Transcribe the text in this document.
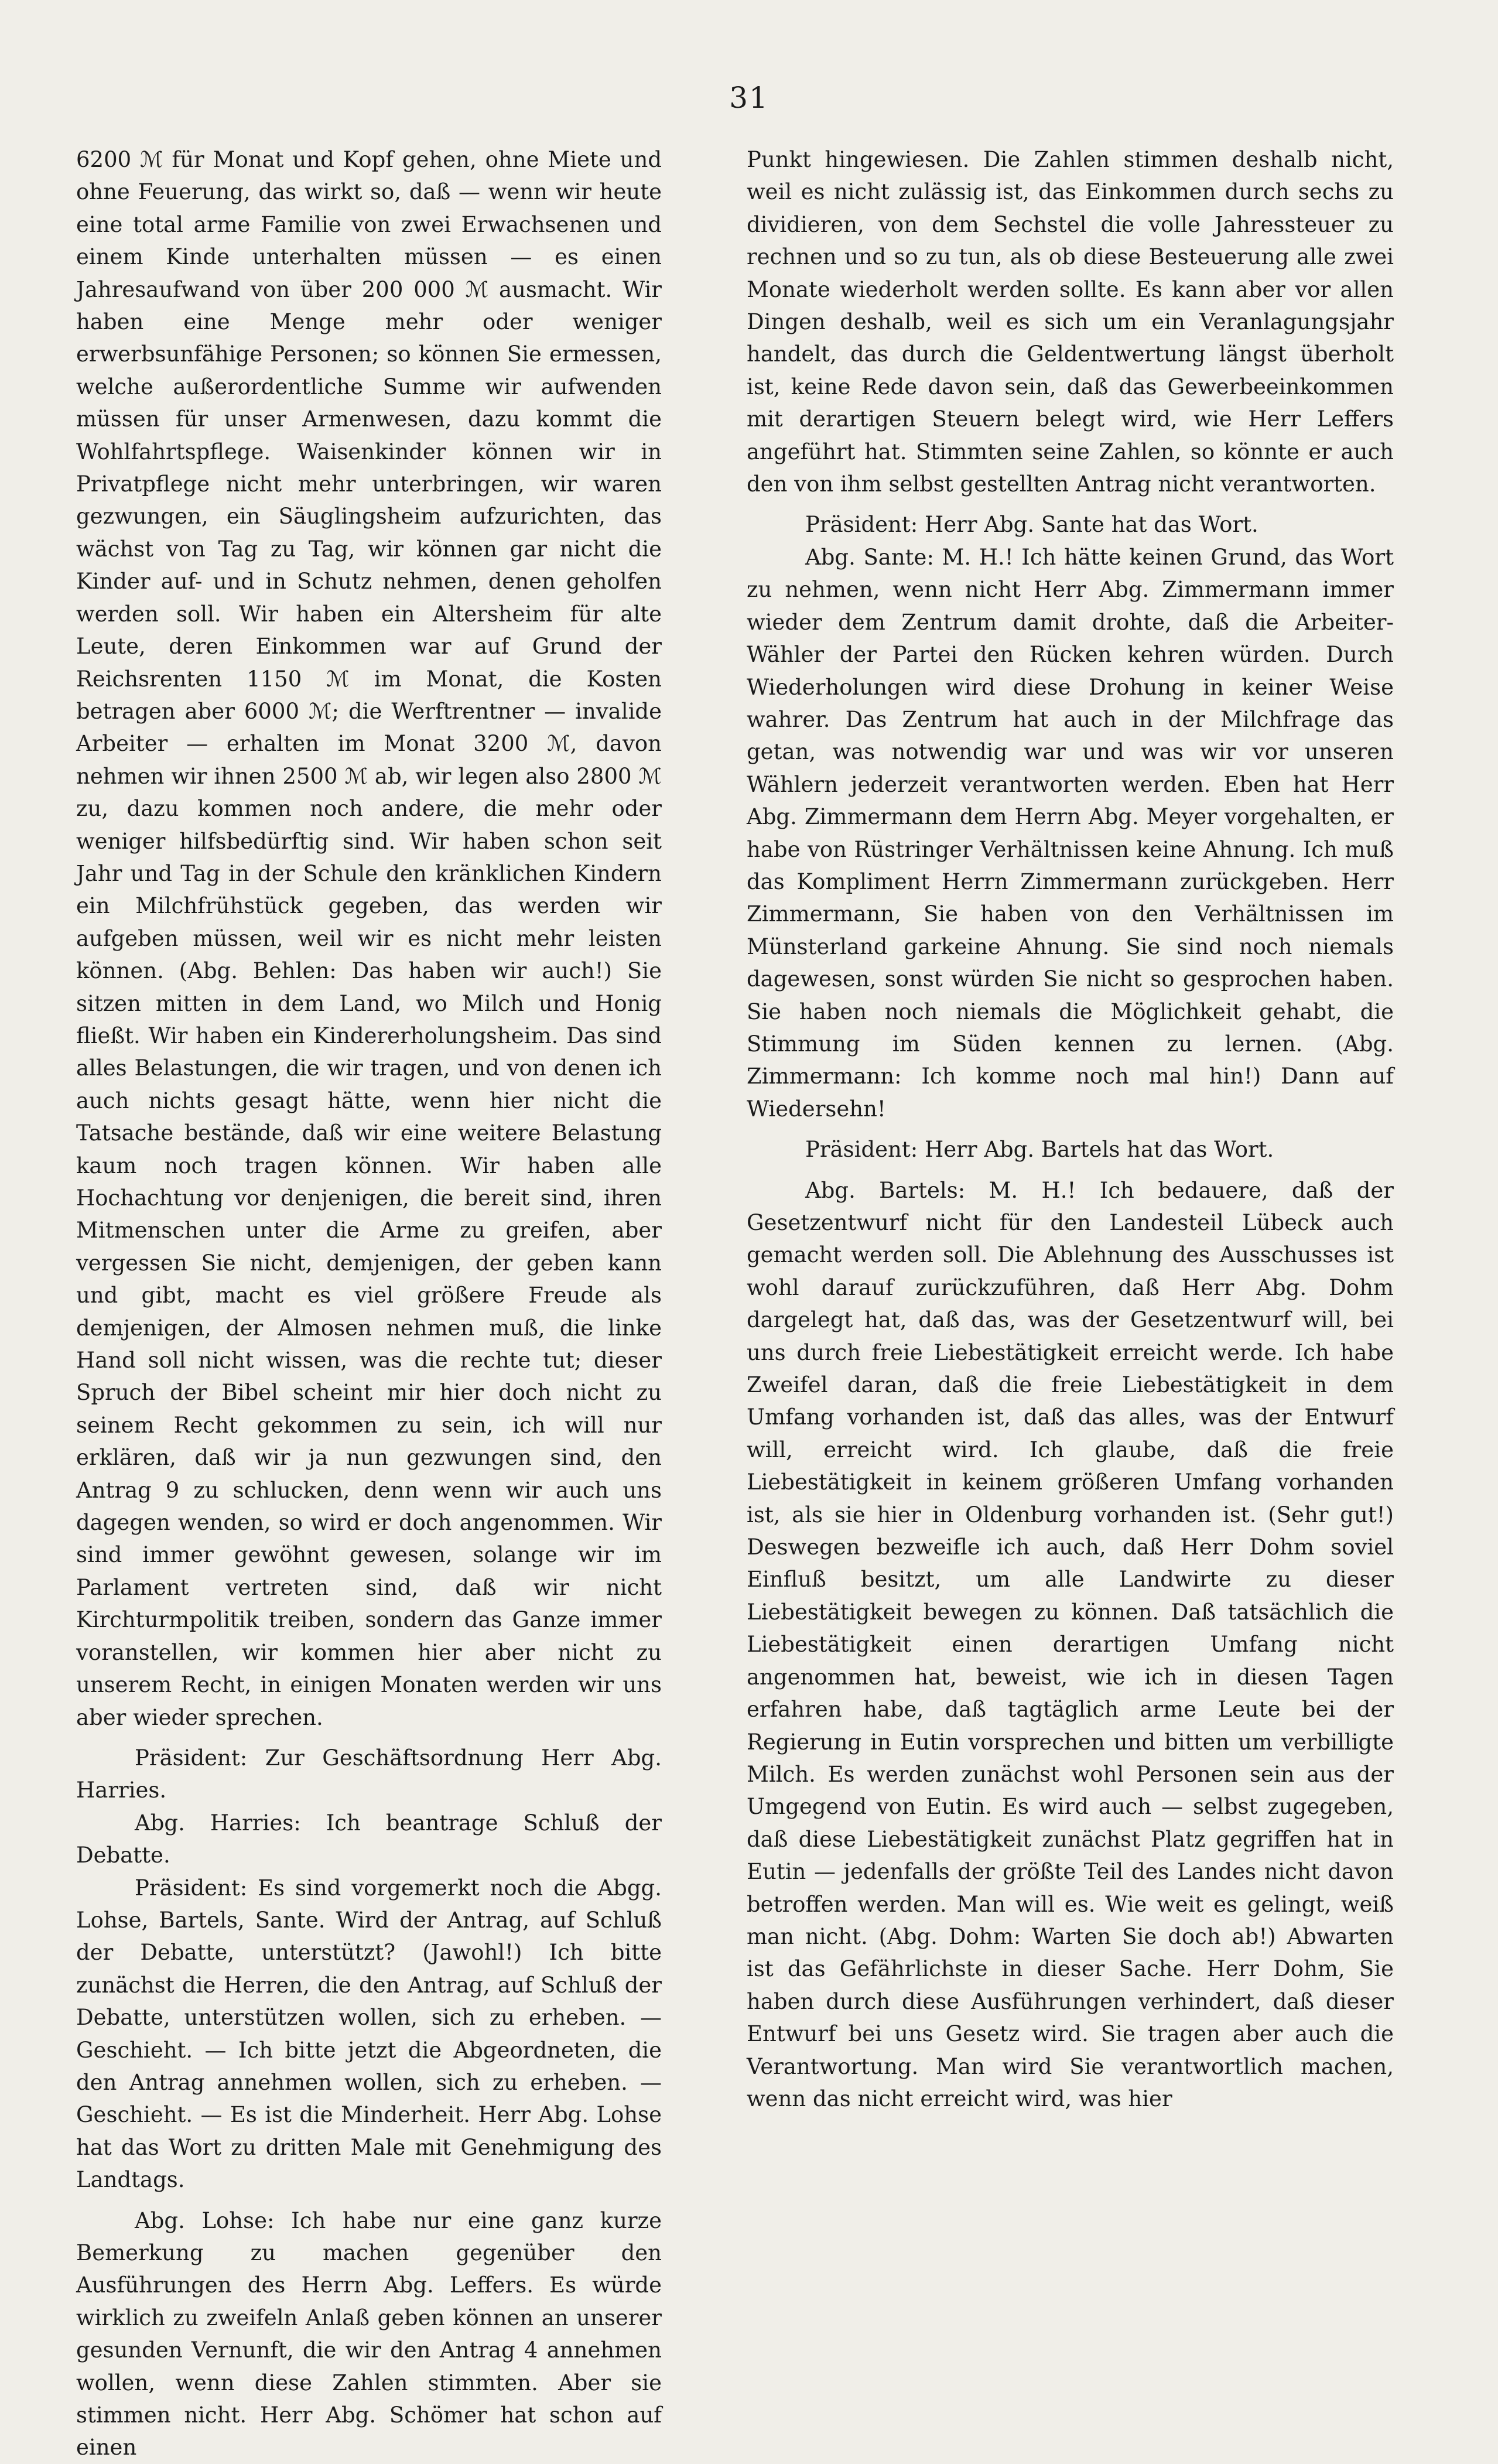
31

6200 ℳ für Monat und Kopf gehen, ohne Miete und ohne Feuerung, das wirkt so, daß — wenn wir heute eine total arme Familie von zwei Erwachsenen und einem Kinde unterhalten müssen — es einen Jahresaufwand von über 200 000 ℳ ausmacht. Wir haben eine Menge mehr oder weniger erwerbsunfähige Personen; so können Sie ermessen, welche außerordentliche Summe wir aufwenden müssen für unser Armenwesen, dazu kommt die Wohlfahrtspflege. Waisenkinder können wir in Privatpflege nicht mehr unterbringen, wir waren gezwungen, ein Säuglingsheim aufzurichten, das wächst von Tag zu Tag, wir können gar nicht die Kinder auf- und in Schutz nehmen, denen geholfen werden soll. Wir haben ein Altersheim für alte Leute, deren Einkommen war auf Grund der Reichsrenten 1150 ℳ im Monat, die Kosten betragen aber 6000 ℳ; die Werftrentner — invalide Arbeiter — erhalten im Monat 3200 ℳ, davon nehmen wir ihnen 2500 ℳ ab, wir legen also 2800 ℳ zu, dazu kommen noch andere, die mehr oder weniger hilfsbedürftig sind. Wir haben schon seit Jahr und Tag in der Schule den kränklichen Kindern ein Milchfrühstück gegeben, das werden wir aufgeben müssen, weil wir es nicht mehr leisten können. (Abg. Behlen: Das haben wir auch!) Sie sitzen mitten in dem Land, wo Milch und Honig fließt. Wir haben ein Kindererholungsheim. Das sind alles Belastungen, die wir tragen, und von denen ich auch nichts gesagt hätte, wenn hier nicht die Tatsache bestände, daß wir eine weitere Belastung kaum noch tragen können. Wir haben alle Hochachtung vor denjenigen, die bereit sind, ihren Mitmenschen unter die Arme zu greifen, aber vergessen Sie nicht, demjenigen, der geben kann und gibt, macht es viel größere Freude als demjenigen, der Almosen nehmen muß, die linke Hand soll nicht wissen, was die rechte tut; dieser Spruch der Bibel scheint mir hier doch nicht zu seinem Recht gekommen zu sein, ich will nur erklären, daß wir ja nun gezwungen sind, den Antrag 9 zu schlucken, denn wenn wir auch uns dagegen wenden, so wird er doch angenommen. Wir sind immer gewöhnt gewesen, solange wir im Parlament vertreten sind, daß wir nicht Kirchturmpolitik treiben, sondern das Ganze immer voranstellen, wir kommen hier aber nicht zu unserem Recht, in einigen Monaten werden wir uns aber wieder sprechen.

Präsident: Zur Geschäftsordnung Herr Abg. Harries.

Abg. Harries: Ich beantrage Schluß der Debatte.

Präsident: Es sind vorgemerkt noch die Abgg. Lohse, Bartels, Sante. Wird der Antrag, auf Schluß der Debatte, unterstützt? (Jawohl!) Ich bitte zunächst die Herren, die den Antrag, auf Schluß der Debatte, unterstützen wollen, sich zu erheben. — Geschieht. — Ich bitte jetzt die Abgeordneten, die den Antrag annehmen wollen, sich zu erheben. — Geschieht. — Es ist die Minderheit. Herr Abg. Lohse hat das Wort zu dritten Male mit Genehmigung des Landtags.

Abg. Lohse: Ich habe nur eine ganz kurze Bemerkung zu machen gegenüber den Ausführungen des Herrn Abg. Leffers. Es würde wirklich zu zweifeln Anlaß geben können an unserer gesunden Vernunft, die wir den Antrag 4 annehmen wollen, wenn diese Zahlen stimmten. Aber sie stimmen nicht. Herr Abg. Schömer hat schon auf einen

Punkt hingewiesen. Die Zahlen stimmen deshalb nicht, weil es nicht zulässig ist, das Einkommen durch sechs zu dividieren, von dem Sechstel die volle Jahressteuer zu rechnen und so zu tun, als ob diese Besteuerung alle zwei Monate wiederholt werden sollte. Es kann aber vor allen Dingen deshalb, weil es sich um ein Veranlagungsjahr handelt, das durch die Geldentwertung längst überholt ist, keine Rede davon sein, daß das Gewerbeeinkommen mit derartigen Steuern belegt wird, wie Herr Leffers angeführt hat. Stimmten seine Zahlen, so könnte er auch den von ihm selbst gestellten Antrag nicht verantworten.

Präsident: Herr Abg. Sante hat das Wort.

Abg. Sante: M. H.! Ich hätte keinen Grund, das Wort zu nehmen, wenn nicht Herr Abg. Zimmermann immer wieder dem Zentrum damit drohte, daß die Arbeiter-Wähler der Partei den Rücken kehren würden. Durch Wiederholungen wird diese Drohung in keiner Weise wahrer. Das Zentrum hat auch in der Milchfrage das getan, was notwendig war und was wir vor unseren Wählern jederzeit verantworten werden. Eben hat Herr Abg. Zimmermann dem Herrn Abg. Meyer vorgehalten, er habe von Rüstringer Verhältnissen keine Ahnung. Ich muß das Kompliment Herrn Zimmermann zurückgeben. Herr Zimmermann, Sie haben von den Verhältnissen im Münsterland garkeine Ahnung. Sie sind noch niemals dagewesen, sonst würden Sie nicht so gesprochen haben. Sie haben noch niemals die Möglichkeit gehabt, die Stimmung im Süden kennen zu lernen. (Abg. Zimmermann: Ich komme noch mal hin!) Dann auf Wiedersehn!

Präsident: Herr Abg. Bartels hat das Wort.

Abg. Bartels: M. H.! Ich bedauere, daß der Gesetzentwurf nicht für den Landesteil Lübeck auch gemacht werden soll. Die Ablehnung des Ausschusses ist wohl darauf zurückzuführen, daß Herr Abg. Dohm dargelegt hat, daß das, was der Gesetzentwurf will, bei uns durch freie Liebestätigkeit erreicht werde. Ich habe Zweifel daran, daß die freie Liebestätigkeit in dem Umfang vorhanden ist, daß das alles, was der Entwurf will, erreicht wird. Ich glaube, daß die freie Liebestätigkeit in keinem größeren Umfang vorhanden ist, als sie hier in Oldenburg vorhanden ist. (Sehr gut!) Deswegen bezweifle ich auch, daß Herr Dohm soviel Einfluß besitzt, um alle Landwirte zu dieser Liebestätigkeit bewegen zu können. Daß tatsächlich die Liebestätigkeit einen derartigen Umfang nicht angenommen hat, beweist, wie ich in diesen Tagen erfahren habe, daß tagtäglich arme Leute bei der Regierung in Eutin vorsprechen und bitten um verbilligte Milch. Es werden zunächst wohl Personen sein aus der Umgegend von Eutin. Es wird auch — selbst zugegeben, daß diese Liebestätigkeit zunächst Platz gegriffen hat in Eutin — jedenfalls der größte Teil des Landes nicht davon betroffen werden. Man will es. Wie weit es gelingt, weiß man nicht. (Abg. Dohm: Warten Sie doch ab!) Abwarten ist das Gefährlichste in dieser Sache. Herr Dohm, Sie haben durch diese Ausführungen verhindert, daß dieser Entwurf bei uns Gesetz wird. Sie tragen aber auch die Verantwortung. Man wird Sie verantwortlich machen, wenn das nicht erreicht wird, was hier
